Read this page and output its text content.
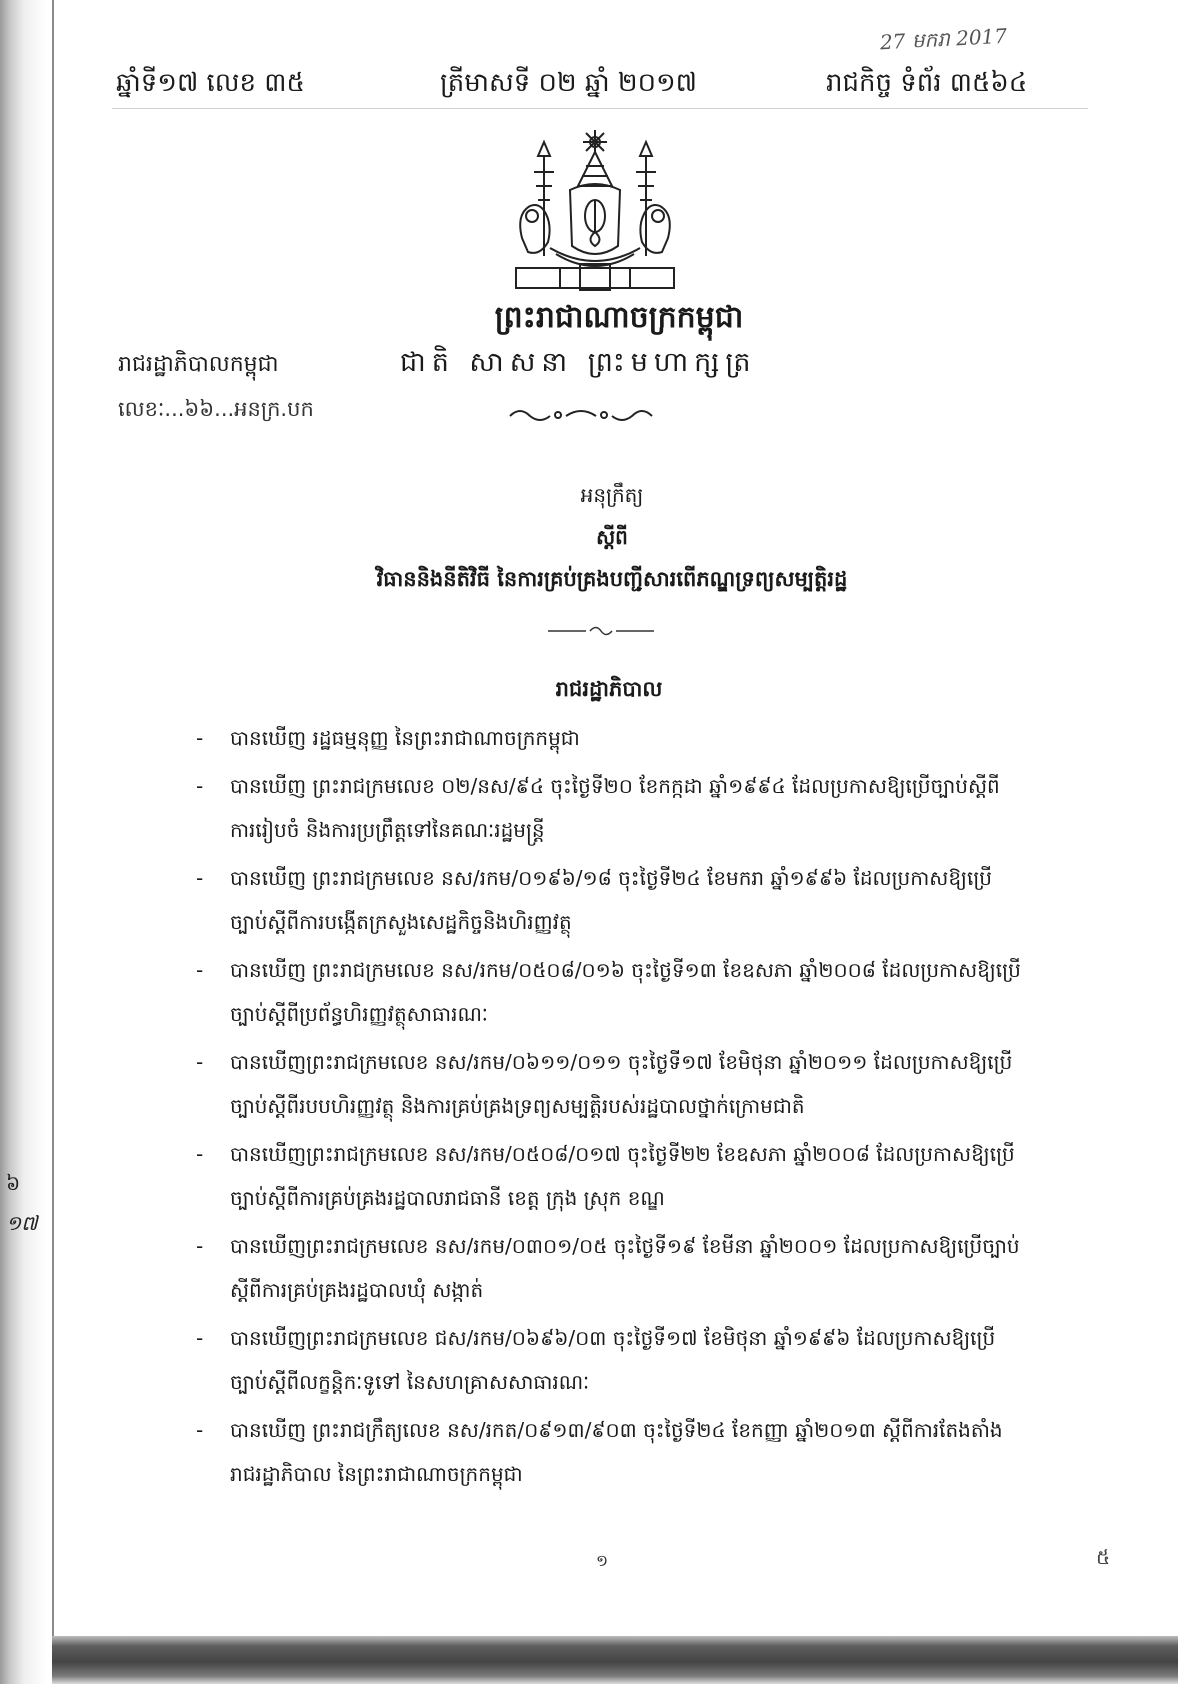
27 មករា 2017
ឆ្នាំទី១៧ លេខ ៣៥	ត្រីមាសទី ០២ ឆ្នាំ ២០១៧	រាជកិច្ច ទំព័រ ៣៥៦៤
ព្រះរាជាណាចក្រកម្ពុជា
រាជរដ្ឋាភិបាលកម្ពុជា	ជាតិ សាសនា ព្រះមហាក្សត្រ
លេខៈ...៦៦...អនក្រ.បក
អនុក្រឹត្យ
ស្ដីពី
វិធាននិងនីតិវិធី នៃការគ្រប់គ្រងបញ្ជីសារពើភណ្ឌទ្រព្យសម្បត្តិរដ្ឋ
រាជរដ្ឋាភិបាល
- បានឃើញ រដ្ឋធម្មនុញ្ញ នៃព្រះរាជាណាចក្រកម្ពុជា
- បានឃើញ ព្រះរាជក្រមលេខ ០២/នស/៩៤ ចុះថ្ងៃទី២០ ខែកក្កដា ឆ្នាំ១៩៩៤ ដែលប្រកាសឱ្យប្រើច្បាប់ស្ដីពី
ការរៀបចំ និងការប្រព្រឹត្តទៅនៃគណៈរដ្ឋមន្ត្រី
- បានឃើញ ព្រះរាជក្រមលេខ នស/រកម/០១៩៦/១៨ ចុះថ្ងៃទី២៤ ខែមករា ឆ្នាំ១៩៩៦ ដែលប្រកាសឱ្យប្រើ
ច្បាប់ស្ដីពីការបង្កើតក្រសួងសេដ្ឋកិច្ចនិងហិរញ្ញវត្ថុ
- បានឃើញ ព្រះរាជក្រមលេខ នស/រកម/០៥០៨/០១៦ ចុះថ្ងៃទី១៣ ខែឧសភា ឆ្នាំ២០០៨ ដែលប្រកាសឱ្យប្រើ
ច្បាប់ស្ដីពីប្រព័ន្ធហិរញ្ញវត្ថុសាធារណៈ
- បានឃើញព្រះរាជក្រមលេខ នស/រកម/០៦១១/០១១ ចុះថ្ងៃទី១៧ ខែមិថុនា ឆ្នាំ២០១១ ដែលប្រកាសឱ្យប្រើ
ច្បាប់ស្ដីពីរបបហិរញ្ញវត្ថុ និងការគ្រប់គ្រងទ្រព្យសម្បត្តិរបស់រដ្ឋបាលថ្នាក់ក្រោមជាតិ
- បានឃើញព្រះរាជក្រមលេខ នស/រកម/០៥០៨/០១៧ ចុះថ្ងៃទី២២ ខែឧសភា ឆ្នាំ២០០៨ ដែលប្រកាសឱ្យប្រើ
ច្បាប់ស្ដីពីការគ្រប់គ្រងរដ្ឋបាលរាជធានី ខេត្ត ក្រុង ស្រុក ខណ្ឌ
- បានឃើញព្រះរាជក្រមលេខ នស/រកម/០៣០១/០៥ ចុះថ្ងៃទី១៩ ខែមីនា ឆ្នាំ២០០១ ដែលប្រកាសឱ្យប្រើច្បាប់
ស្ដីពីការគ្រប់គ្រងរដ្ឋបាលឃុំ សង្កាត់
- បានឃើញព្រះរាជក្រមលេខ ជស/រកម/០៦៩៦/០៣ ចុះថ្ងៃទី១៧ ខែមិថុនា ឆ្នាំ១៩៩៦ ដែលប្រកាសឱ្យប្រើ
ច្បាប់ស្ដីពីលក្ខន្តិកៈទូទៅ នៃសហគ្រាសសាធារណៈ
- បានឃើញ ព្រះរាជក្រឹត្យលេខ នស/រកត/០៩១៣/៩០៣ ចុះថ្ងៃទី២៤ ខែកញ្ញា ឆ្នាំ២០១៣ ស្ដីពីការតែងតាំង
រាជរដ្ឋាភិបាល នៃព្រះរាជាណាចក្រកម្ពុជា
៦
១៧
១	៥
